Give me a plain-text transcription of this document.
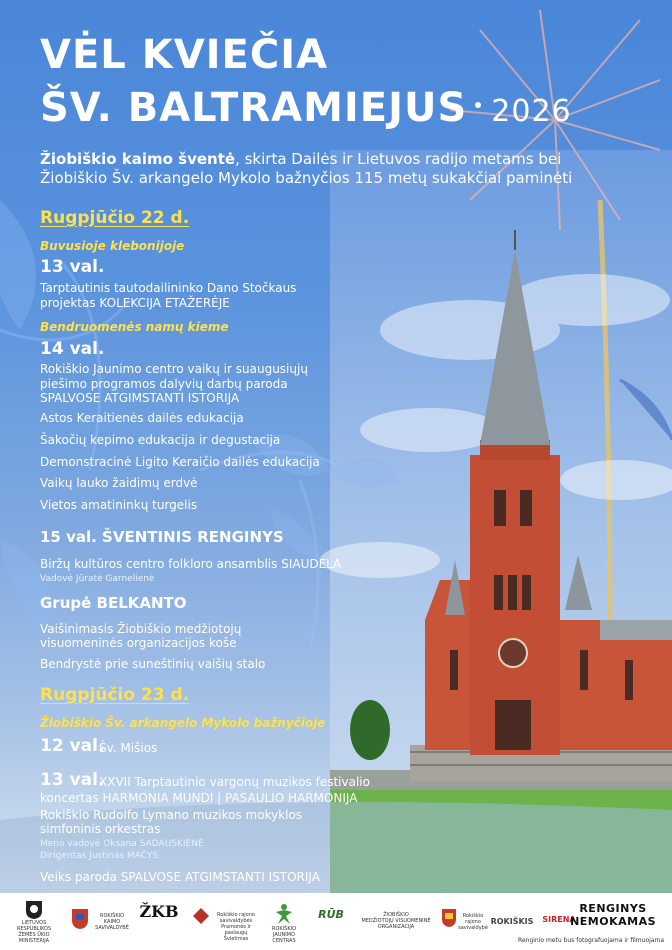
VĖL KVIEČIA
ŠV. BALTRAMIEJUS 2026
Žiobiškio kaimo šventė, skirta Dailės ir Lietuvos radijo metams bei
Žiobiškio Šv. arkangelo Mykolo bažnyčios 115 metų sukakčiai paminėti
Rugpjūčio 22 d.
Buvusioje klebonijoje
13 val.
Tarptautinis tautodailininko Dano Stočkaus
projektas KOLEKCIJA ETAŽERĖJE
Bendruomenės namų kieme
14 val.
Rokiškio Jaunimo centro vaikų ir suaugusiųjų
piešimo programos dalyvių darbų paroda
SPALVOSE ATGIMSTANTI ISTORIJA
Astos Keraitienės dailės edukacija
Šakočių kepimo edukacija ir degustacija
Demonstracinė Ligito Keraičio dailės edukacija
Vaikų lauko žaidimų erdvė
Vietos amatininkų turgelis
15 val. ŠVENTINIS RENGINYS
Biržų kultūros centro folkloro ansamblis SIAUDELA
Vadovė Jūratė Garnelienė
Grupė BELKANTO
Vaišinimasis Žiobiškio medžiotojų
visuomeninės organizacijos koše
Bendrystė prie suneštinių vaišių stalo
Rugpjūčio 23 d.
Žiobiškio Šv. arkangelo Mykolo bažnyčioje
12 val.
Šv. Mišios
13 val.
XXVII Tarptautinio vargonų muzikos festivalio
koncertas HARMONIA MUNDI | PASAULIO HARMONIJA
Rokiškio Rudolfo Lymano muzikos mokyklos
simfoninis orkestras
Meno vadovė Oksana SADAUSKIENĖ
Dirigentas Justinas MAČYS
Veiks paroda SPALVOSE ATGIMSTANTI ISTORIJA
LIETUVOS RESPUBLIKOS ŽEMĖS ŪKIO MINISTERIJA
ROKIŠKIO KAIMO SAVIVALDYBĖ
ŽKB	Rokiškio rajono savivaldybės Pramonės ir paslaugų Švietimas
ROKIŠKIO JAUNIMO CENTRAS
RŪB	ŽIOBIŠKIO
MEDŽIOTOJŲ VISUOMENINĖ
ORGANIZACIJA
Rokiškio rajono savivaldybė
ROKIŠKIS SIRENA
RENGINYS
NEMOKAMAS
Renginio metu bus fotografuojama ir filmuojama
